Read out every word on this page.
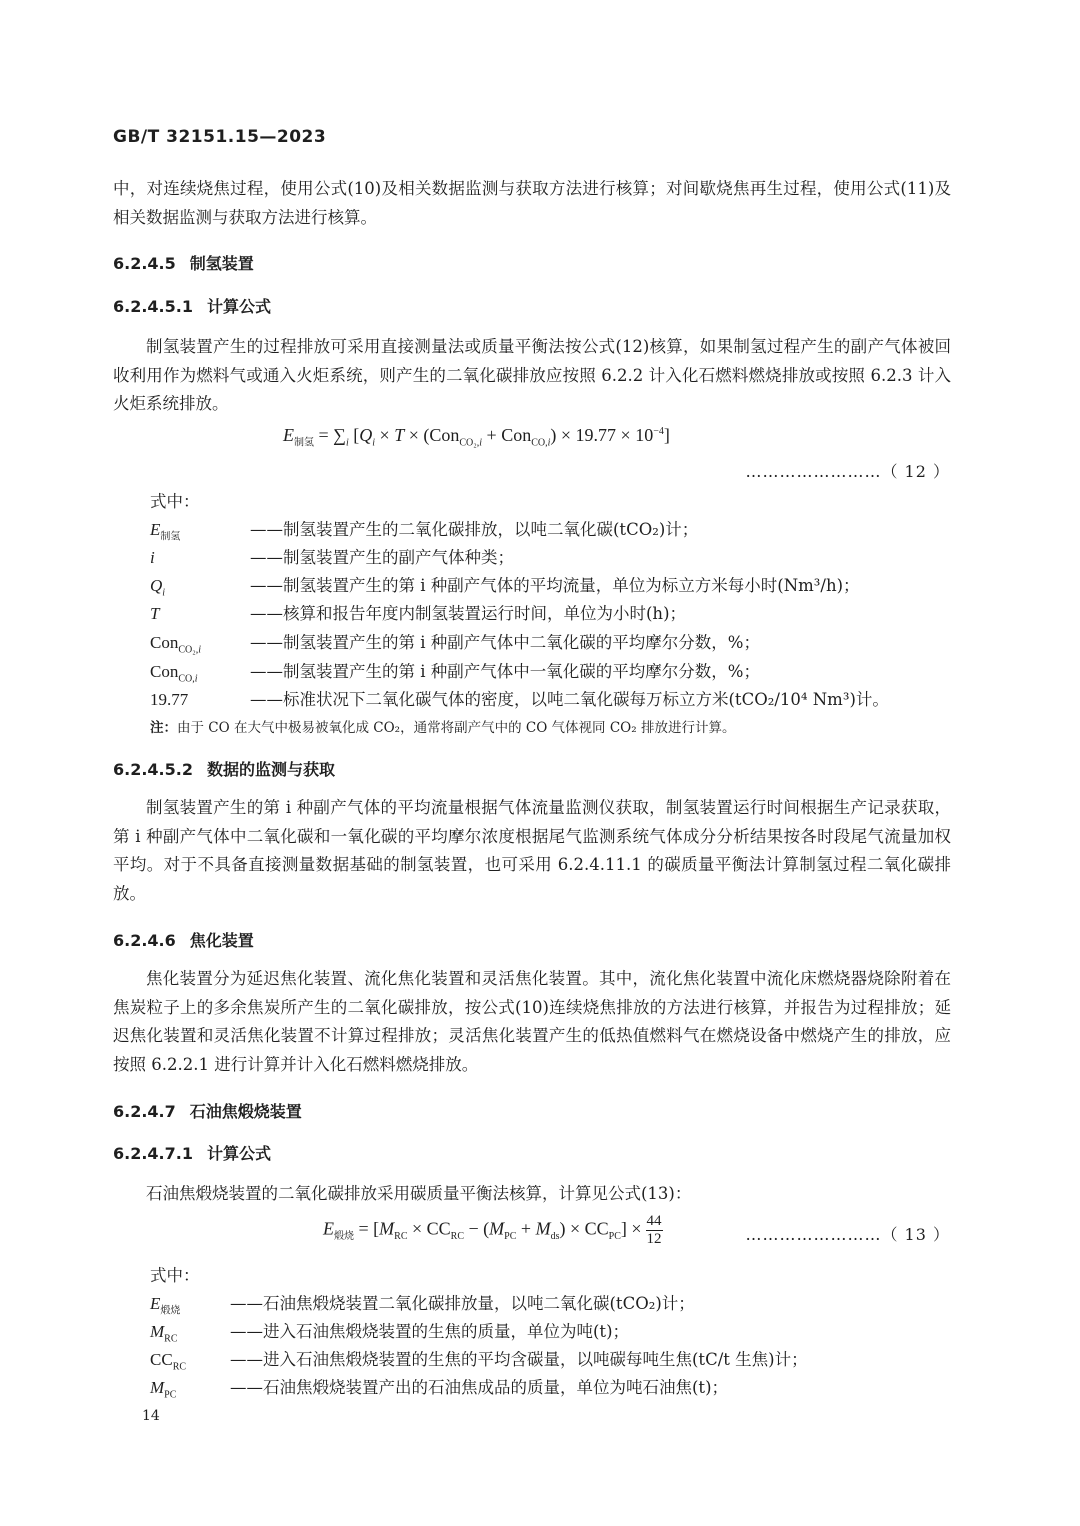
GB/T 32151.15—2023
中，对连续烧焦过程，使用公式(10)及相关数据监测与获取方法进行核算；对间歇烧焦再生过程，使用公式(11)及相关数据监测与获取方法进行核算。
6.2.4.5 制氢装置
6.2.4.5.1 计算公式
制氢装置产生的过程排放可采用直接测量法或质量平衡法按公式(12)核算，如果制氢过程产生的副产气体被回收利用作为燃料气或通入火炬系统，则产生的二氧化碳排放应按照 6.2.2 计入化石燃料燃烧排放或按照 6.2.3 计入火炬系统排放。
$E_{制氢} = \sum_i$ $[Q_i \times T \times (Con_{CO_2,i} + Con_{CO,i}) \times 19.77 \times 10^{-4}]$
……………………（ 12 ）
式中：
$E_{制氢}$	——制氢装置产生的二氧化碳排放，以吨二氧化碳(tCO₂)计；
i	——制氢装置产生的副产气体种类；
$Q_i$	——制氢装置产生的第 i 种副产气体的平均流量，单位为标立方米每小时(Nm³/h)；
T	——核算和报告年度内制氢装置运行时间，单位为小时(h)；
Con$_{CO_2,i}$	——制氢装置产生的第 i 种副产气体中二氧化碳的平均摩尔分数，%；
Con$_{CO,i}$	——制氢装置产生的第 i 种副产气体中一氧化碳的平均摩尔分数，%；
19.77	——标准状况下二氧化碳气体的密度，以吨二氧化碳每万标立方米(tCO₂/10⁴ Nm³)计。
注：由于 CO 在大气中极易被氧化成 CO₂，通常将副产气中的 CO 气体视同 CO₂ 排放进行计算。
6.2.4.5.2 数据的监测与获取
制氢装置产生的第 i 种副产气体的平均流量根据气体流量监测仪获取，制氢装置运行时间根据生产记录获取，第 i 种副产气体中二氧化碳和一氧化碳的平均摩尔浓度根据尾气监测系统气体成分分析结果按各时段尾气流量加权平均。对于不具备直接测量数据基础的制氢装置，也可采用 6.2.4.11.1 的碳质量平衡法计算制氢过程二氧化碳排放。
6.2.4.6 焦化装置
焦化装置分为延迟焦化装置、流化焦化装置和灵活焦化装置。其中，流化焦化装置中流化床燃烧器烧除附着在焦炭粒子上的多余焦炭所产生的二氧化碳排放，按公式(10)连续烧焦排放的方法进行核算，并报告为过程排放；延迟焦化装置和灵活焦化装置不计算过程排放；灵活焦化装置产生的低热值燃料气在燃烧设备中燃烧产生的排放，应按照 6.2.2.1 进行计算并计入化石燃料燃烧排放。
6.2.4.7 石油焦煅烧装置
6.2.4.7.1 计算公式
石油焦煅烧装置的二氧化碳排放采用碳质量平衡法核算，计算见公式(13)：
$E_{煅烧} = [M_{RC} \times CC_{RC} - (M_{PC} + M_{ds}) \times CC_{PC}] \times \frac{44}{12}$	……………………（ 13 ）
式中：
$E_{煅烧}$	——石油焦煅烧装置二氧化碳排放量，以吨二氧化碳(tCO₂)计；
$M_{RC}$	——进入石油焦煅烧装置的生焦的质量，单位为吨(t)；
$CC_{RC}$	——进入石油焦煅烧装置的生焦的平均含碳量，以吨碳每吨生焦(tC/t 生焦)计；
$M_{PC}$	——石油焦煅烧装置产出的石油焦成品的质量，单位为吨石油焦(t)；
14
